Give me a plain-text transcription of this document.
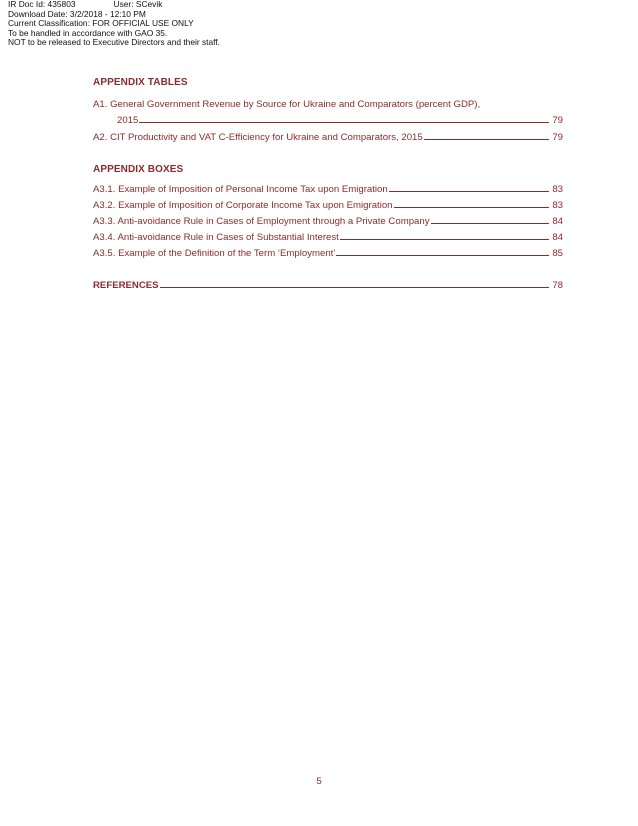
IR Doc Id: 435803	User: SCevik
Download Date: 3/2/2018 - 12:10 PM
Current Classification: FOR OFFICIAL USE ONLY
To be handled in accordance with GAO 35.
NOT to be released to Executive Directors and their staff.
APPENDIX TABLES
A1. General Government Revenue by Source for Ukraine and Comparators (percent GDP),
2015	79
A2. CIT Productivity and VAT C-Efficiency for Ukraine and Comparators, 2015	79
APPENDIX BOXES
A3.1. Example of Imposition of Personal Income Tax upon Emigration	83
A3.2. Example of Imposition of Corporate Income Tax upon Emigration	83
A3.3. Anti-avoidance Rule in Cases of Employment through a Private Company	84
A3.4. Anti-avoidance Rule in Cases of Substantial Interest	84
A3.5. Example of the Definition of the Term ‘Employment’	85
REFERENCES	78
5
